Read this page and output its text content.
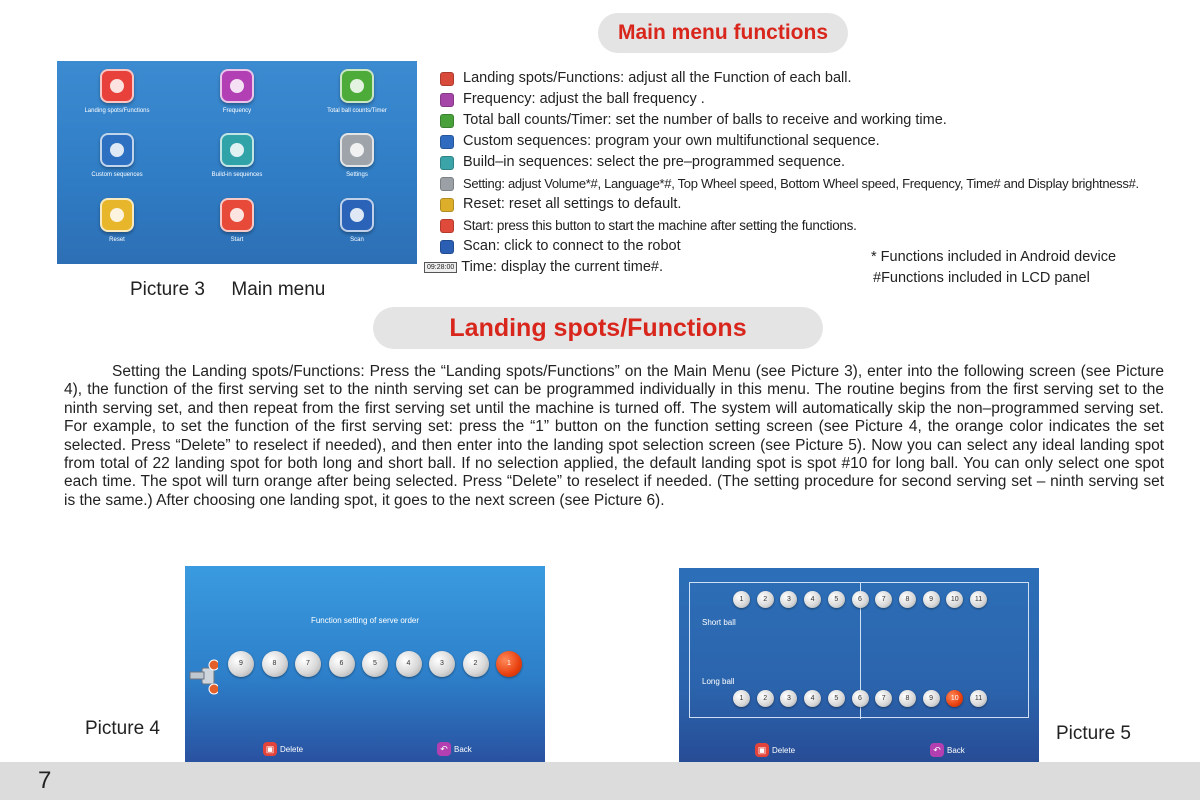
Main menu functions
Landing spots/Functions	Frequency	Total ball counts/Timer
Custom sequences	Build-in sequences	Settings
Reset	Start	Scan
Picture 3     Main menu
Landing spots/Functions: adjust all the Function of each ball.
Frequency: adjust the ball frequency .
Total ball counts/Timer: set the number of balls to receive and working time.
Custom sequences: program your own multifunctional sequence.
Build–in sequences: select the pre–programmed sequence.
Setting: adjust Volume*#, Language*#, Top Wheel speed, Bottom Wheel speed, Frequency, Time# and Display brightness#.
Reset: reset all settings to default.
Start: press this button to start the machine after setting the functions.
Scan: click to connect to the robot
09:28:00 Time: display the current time#.
* Functions included in Android device
#Functions included in LCD panel
Landing spots/Functions
Setting the Landing spots/Functions: Press the “Landing spots/Functions” on the Main Menu (see Picture 3), enter into the following screen (see Picture 4), the function of the first serving set to the ninth serving set can be programmed individually in this menu. The routine begins from the first serving set to the ninth serving set, and then repeat from the first serving set until the machine is turned off. The system will automatically skip the non–programmed serving set. For example, to set the function of the first serving set: press the “1” button on the function setting screen (see Picture 4, the orange color indicates the set selected. Press “Delete” to reselect if needed), and then enter into the landing spot selection screen (see Picture 5). Now you can select any ideal landing spot from total of 22 landing spot for both long and short ball. If no selection applied, the default landing spot is spot #10 for long ball. You can only select one spot each time. The spot will turn orange after being selected. Press “Delete” to reselect if needed. (The setting procedure for second serving set – ninth serving set is the same.) After choosing one landing spot, it goes to the next screen (see Picture 6).
Picture 4
Function setting of serve order
9	8	7	6	5	4	3	2	1
▣ Delete	↶ Back
Short ball
Long ball
1	2	3	4	5	6	7	8	9	10	11
1	2	3	4	5	6	7	8	9	10	11
▣ Delete	↶ Back
Picture 5
7
